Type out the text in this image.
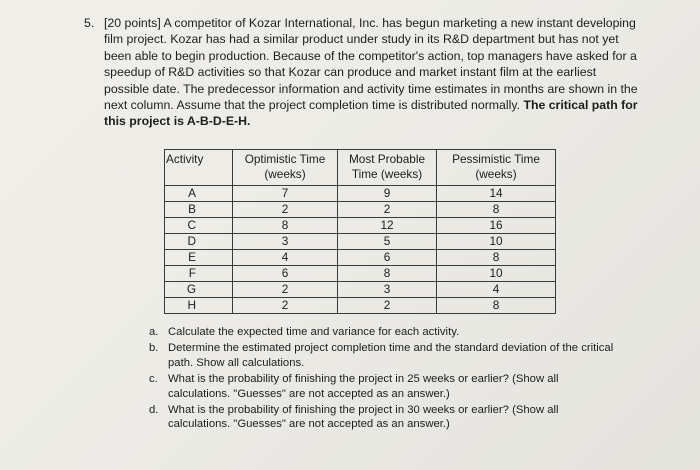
5. [20 points] A competitor of Kozar International, Inc. has begun marketing a new instant developing film project. Kozar has had a similar product under study in its R&D department but has not yet been able to begin production. Because of the competitor's action, top managers have asked for a speedup of R&D activities so that Kozar can produce and market instant film at the earliest possible date. The predecessor information and activity time estimates in months are shown in the next column. Assume that the project completion time is distributed normally. The critical path for this project is A-B-D-E-H.
Activity	Optimistic Time (weeks)	Most Probable Time (weeks)	Pessimistic Time (weeks)
A	7	9	14
B	2	2	8
C	8	12	16
D	3	5	10
E	4	6	8
F	6	8	10
G	2	3	4
H	2	2	8
a. Calculate the expected time and variance for each activity.
b. Determine the estimated project completion time and the standard deviation of the critical path. Show all calculations.
c. What is the probability of finishing the project in 25 weeks or earlier? (Show all calculations. "Guesses" are not accepted as an answer.)
d. What is the probability of finishing the project in 30 weeks or earlier? (Show all calculations. "Guesses" are not accepted as an answer.)
